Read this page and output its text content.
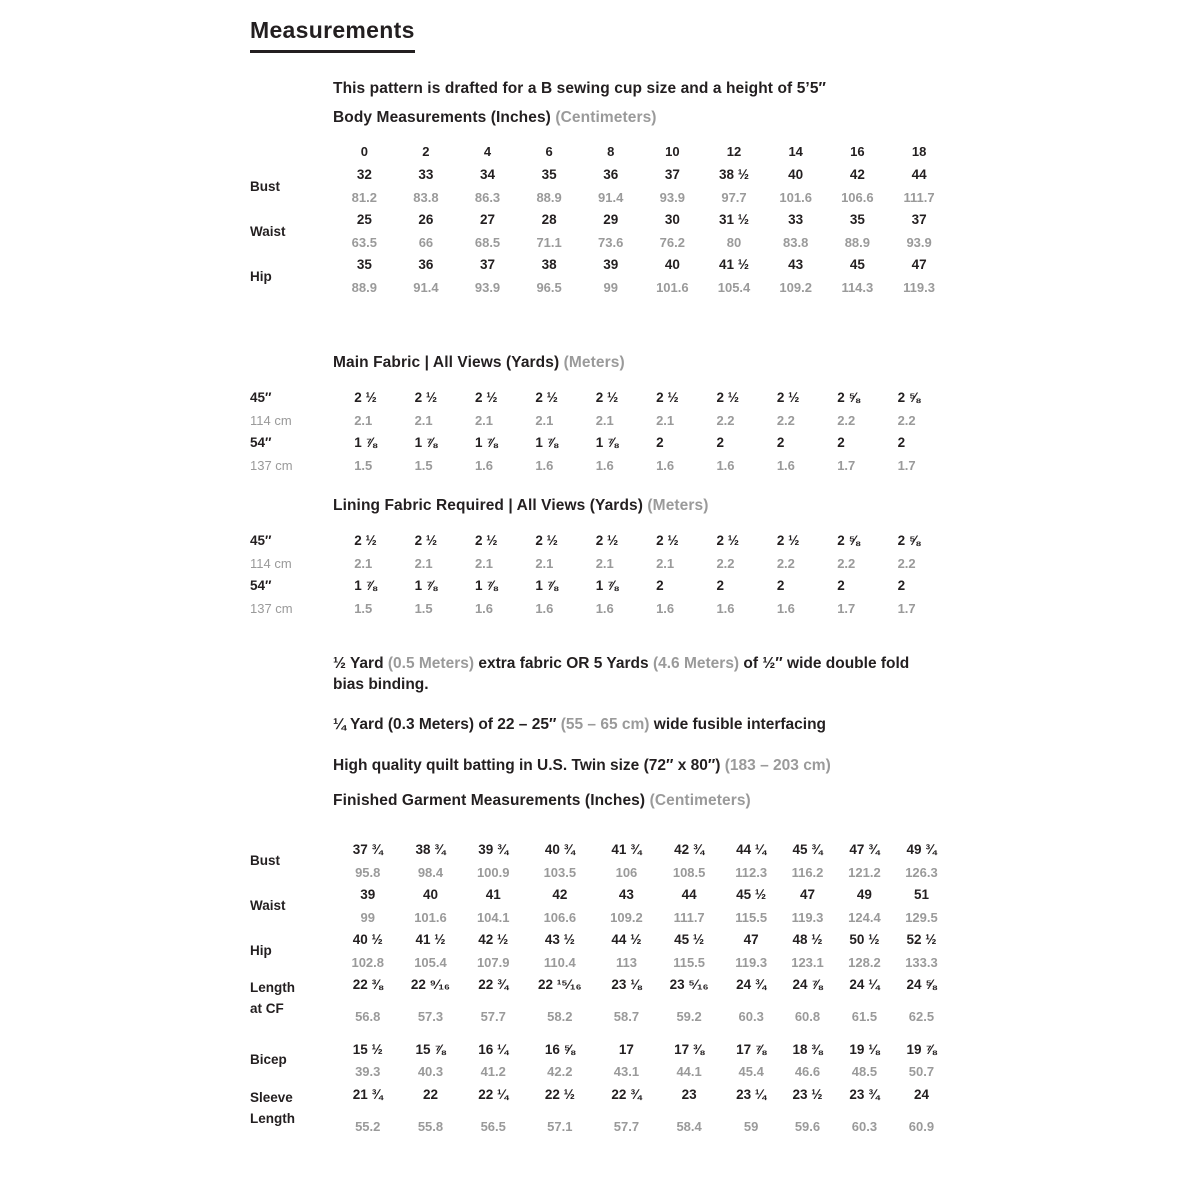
Measurements
This pattern is drafted for a B sewing cup size and a height of 5’5″
Body Measurements (Inches) (Centimeters)
	0	2	4	6	8	10	12	14	16	18
	32	33	34	35	36	37	38 ½	40	42	44
Bust	81.2	83.8	86.3	88.9	91.4	93.9	97.7	101.6	106.6	111.7
	25	26	27	28	29	30	31 ½	33	35	37
Waist	63.5	66	68.5	71.1	73.6	76.2	80	83.8	88.9	93.9
	35	36	37	38	39	40	41 ½	43	45	47
Hip	88.9	91.4	93.9	96.5	99	101.6	105.4	109.2	114.3	119.3
Main Fabric | All Views (Yards) (Meters)
45″	2 ½	2 ½	2 ½	2 ½	2 ½	2 ½	2 ½	2 ½	2 ⅝	2 ⅝
114 cm	2.1	2.1	2.1	2.1	2.1	2.1	2.2	2.2	2.2	2.2
54″	1 ⅞	1 ⅞	1 ⅞	1 ⅞	1 ⅞	2	2	2	2	2
137 cm	1.5	1.5	1.6	1.6	1.6	1.6	1.6	1.6	1.7	1.7
Lining Fabric Required | All Views (Yards) (Meters)
45″	2 ½	2 ½	2 ½	2 ½	2 ½	2 ½	2 ½	2 ½	2 ⅝	2 ⅝
114 cm	2.1	2.1	2.1	2.1	2.1	2.1	2.2	2.2	2.2	2.2
54″	1 ⅞	1 ⅞	1 ⅞	1 ⅞	1 ⅞	2	2	2	2	2
137 cm	1.5	1.5	1.6	1.6	1.6	1.6	1.6	1.6	1.7	1.7
½ Yard (0.5 Meters) extra fabric OR 5 Yards (4.6 Meters) of ½″ wide double fold bias binding.
¼ Yard (0.3 Meters) of 22 – 25″ (55 – 65 cm) wide fusible interfacing
High quality quilt batting in U.S. Twin size (72″ x 80″) (183 – 203 cm)
Finished Garment Measurements (Inches) (Centimeters)
	37 ¾	38 ¾	39 ¾	40 ¾	41 ¾	42 ¾	44 ¼	45 ¾	47 ¾	49 ¾
Bust	95.8	98.4	100.9	103.5	106	108.5	112.3	116.2	121.2	126.3
	39	40	41	42	43	44	45 ½	47	49	51
Waist	99	101.6	104.1	106.6	109.2	111.7	115.5	119.3	124.4	129.5
	40 ½	41 ½	42 ½	43 ½	44 ½	45 ½	47	48 ½	50 ½	52 ½
Hip	102.8	105.4	107.9	110.4	113	115.5	119.3	123.1	128.2	133.3
	22 ⅜	22 ⁹⁄₁₆	22 ¾	22 ¹⁵⁄₁₆	23 ⅛	23 ⁵⁄₁₆	24 ¾	24 ⅞	24 ¼	24 ⅝
Length
at CF	56.8	57.3	57.7	58.2	58.7	59.2	60.3	60.8	61.5	62.5
	15 ½	15 ⅞	16 ¼	16 ⅝	17	17 ⅜	17 ⅞	18 ⅜	19 ⅛	19 ⅞
Bicep	39.3	40.3	41.2	42.2	43.1	44.1	45.4	46.6	48.5	50.7
	21 ¾	22	22 ¼	22 ½	22 ¾	23	23 ¼	23 ½	23 ¾	24
Sleeve
Length	55.2	55.8	56.5	57.1	57.7	58.4	59	59.6	60.3	60.9
